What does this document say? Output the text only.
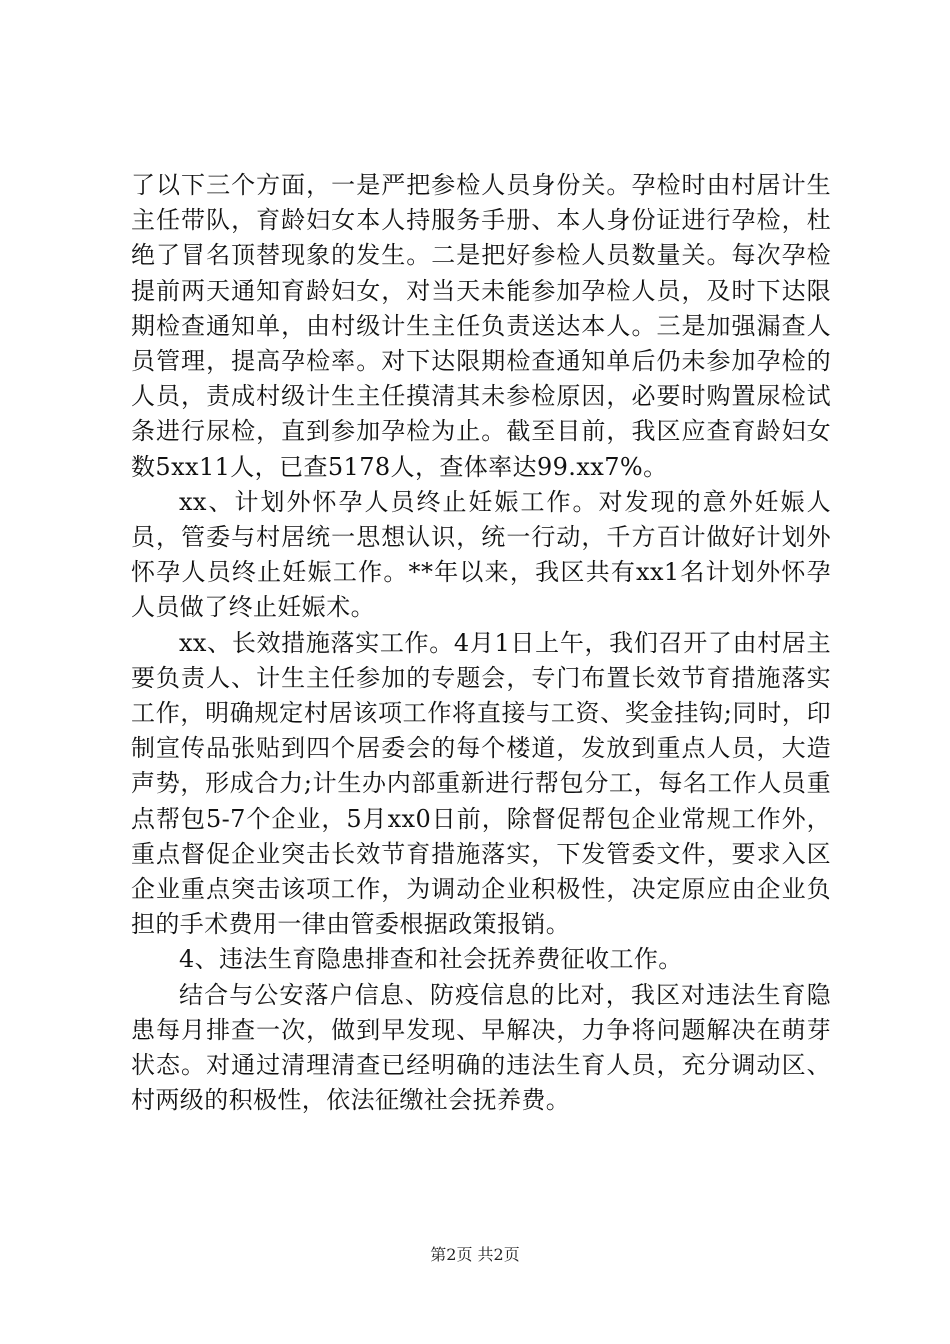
了以下三个方面，一是严把参检人员身份关。孕检时由村居计生主任带队，育龄妇女本人持服务手册、本人身份证进行孕检，杜绝了冒名顶替现象的发生。二是把好参检人员数量关。每次孕检提前两天通知育龄妇女，对当天未能参加孕检人员，及时下达限期检查通知单，由村级计生主任负责送达本人。三是加强漏查人员管理，提高孕检率。对下达限期检查通知单后仍未参加孕检的人员，责成村级计生主任摸清其未参检原因，必要时购置尿检试条进行尿检，直到参加孕检为止。截至目前，我区应查育龄妇女数5xx11人，已查5178人，查体率达99.xx7%。

xx、计划外怀孕人员终止妊娠工作。对发现的意外妊娠人员，管委与村居统一思想认识，统一行动，千方百计做好计划外怀孕人员终止妊娠工作。**年以来，我区共有xx1名计划外怀孕人员做了终止妊娠术。

xx、长效措施落实工作。4月1日上午，我们召开了由村居主要负责人、计生主任参加的专题会，专门布置长效节育措施落实工作，明确规定村居该项工作将直接与工资、奖金挂钩;同时，印制宣传品张贴到四个居委会的每个楼道，发放到重点人员，大造声势，形成合力;计生办内部重新进行帮包分工，每名工作人员重点帮包5-7个企业，5月xx0日前，除督促帮包企业常规工作外，重点督促企业突击长效节育措施落实，下发管委文件，要求入区企业重点突击该项工作，为调动企业积极性，决定原应由企业负担的手术费用一律由管委根据政策报销。

4、违法生育隐患排查和社会抚养费征收工作。

结合与公安落户信息、防疫信息的比对，我区对违法生育隐患每月排查一次，做到早发现、早解决，力争将问题解决在萌芽状态。对通过清理清查已经明确的违法生育人员，充分调动区、村两级的积极性，依法征缴社会抚养费。

第2页 共2页
